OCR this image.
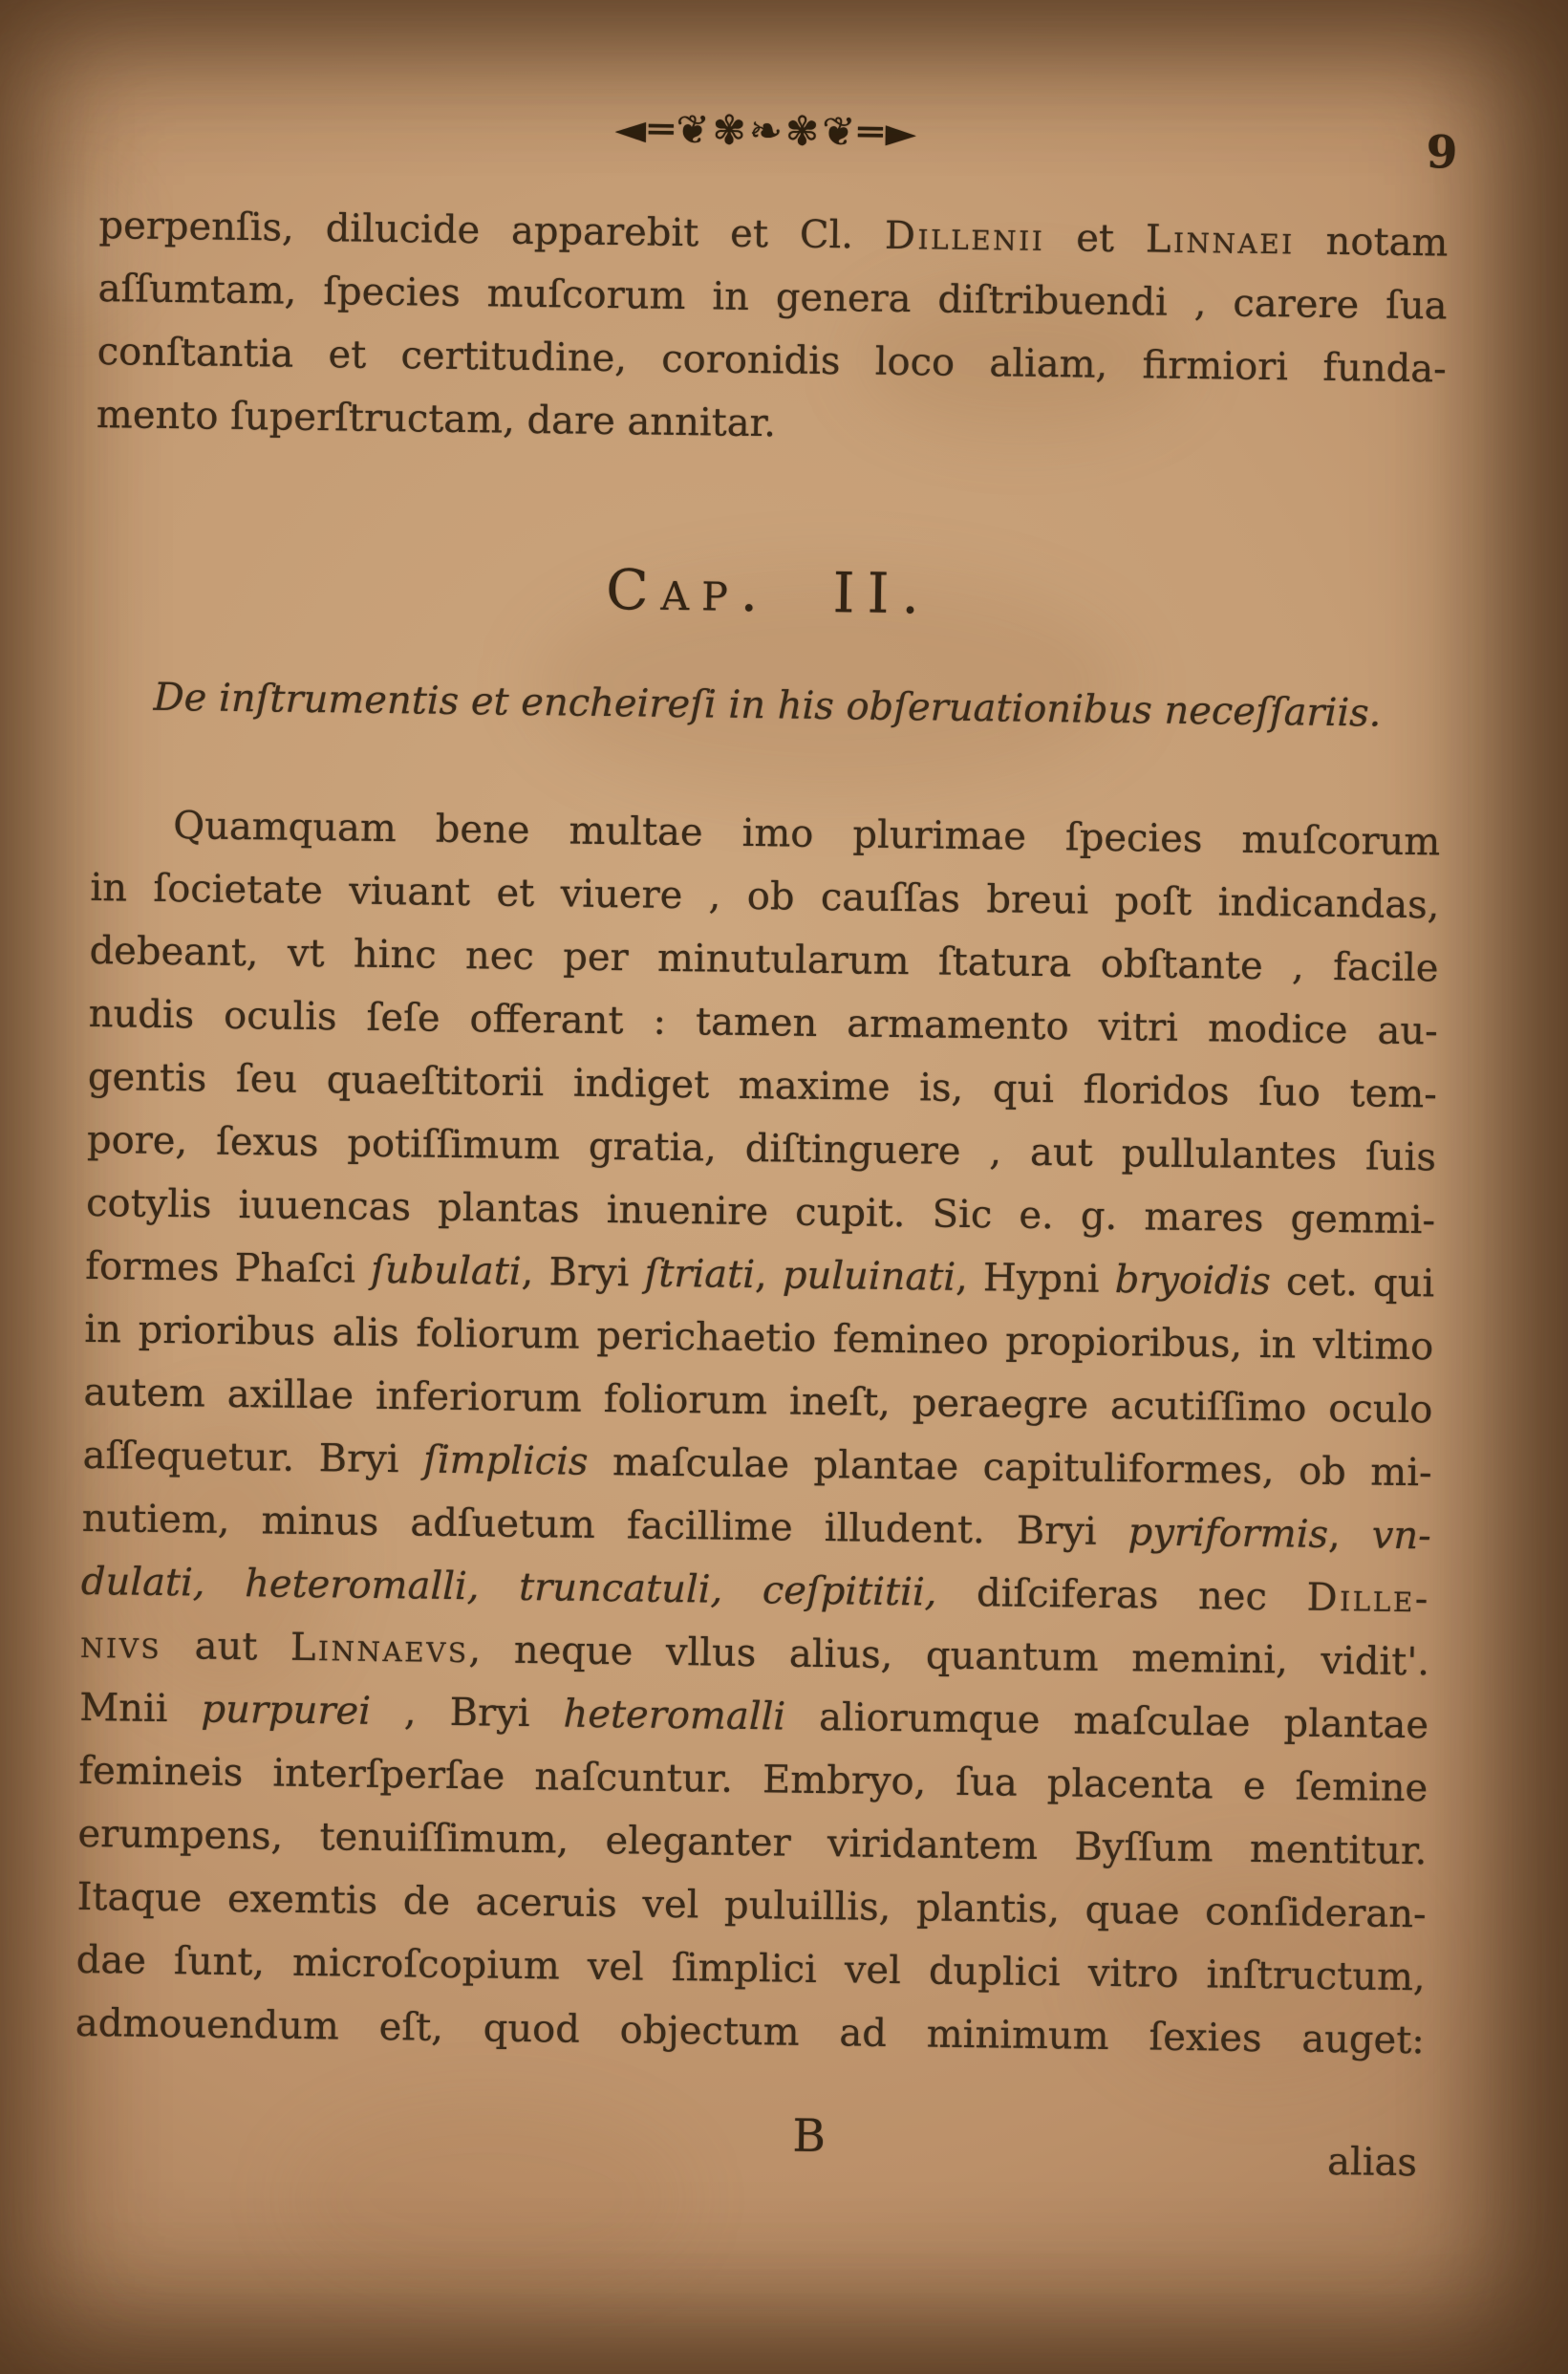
◄═❦✾❧✾❦═►	9
perpenſis, dilucide apparebit et Cl. Dillenii et Linnaei notam
aſſumtam, ſpecies muſcorum in genera diſtribuendi , carere ſua
conſtantia et certitudine, coronidis loco aliam, firmiori funda-
mento ſuperſtructam, dare annitar.
Cap. II.
De inſtrumentis et encheireſi in his obſeruationibus neceſſariis.
Quamquam bene multae imo plurimae ſpecies muſcorum
in ſocietate viuant et viuere , ob cauſſas breui poſt indicandas,
debeant, vt hinc nec per minutularum ſtatura obſtante , facile
nudis oculis ſeſe offerant : tamen armamento vitri modice au-
gentis ſeu quaeſtitorii indiget maxime is, qui floridos ſuo tem-
pore, ſexus potiſſimum gratia, diſtinguere , aut pullulantes ſuis
cotylis iuuencas plantas inuenire cupit. Sic e. g. mares gemmi-
formes Phaſci ſubulati, Bryi ſtriati, puluinati, Hypni bryoidis cet. qui
in prioribus alis foliorum perichaetio femineo propioribus, in vltimo
autem axillae inferiorum foliorum ineſt, peraegre acutiſſimo oculo
aſſequetur. Bryi ſimplicis maſculae plantae capituliformes, ob mi-
nutiem, minus adſuetum facillime illudent. Bryi pyriformis, vn-
dulati, heteromalli, truncatuli, ceſpititii, diſciferas nec Dille-
nivs aut Linnaevs, neque vllus alius, quantum memini, vidit'.
Mnii purpurei , Bryi heteromalli aliorumque maſculae plantae
femineis interſperſae naſcuntur. Embryo, ſua placenta e ſemine
erumpens, tenuiſſimum, eleganter viridantem Byſſum mentitur.
Itaque exemtis de aceruis vel puluillis, plantis, quae conſideran-
dae ſunt, microſcopium vel ſimplici vel duplici vitro inſtructum,
admouendum eſt, quod objectum ad minimum ſexies auget:
B	alias
